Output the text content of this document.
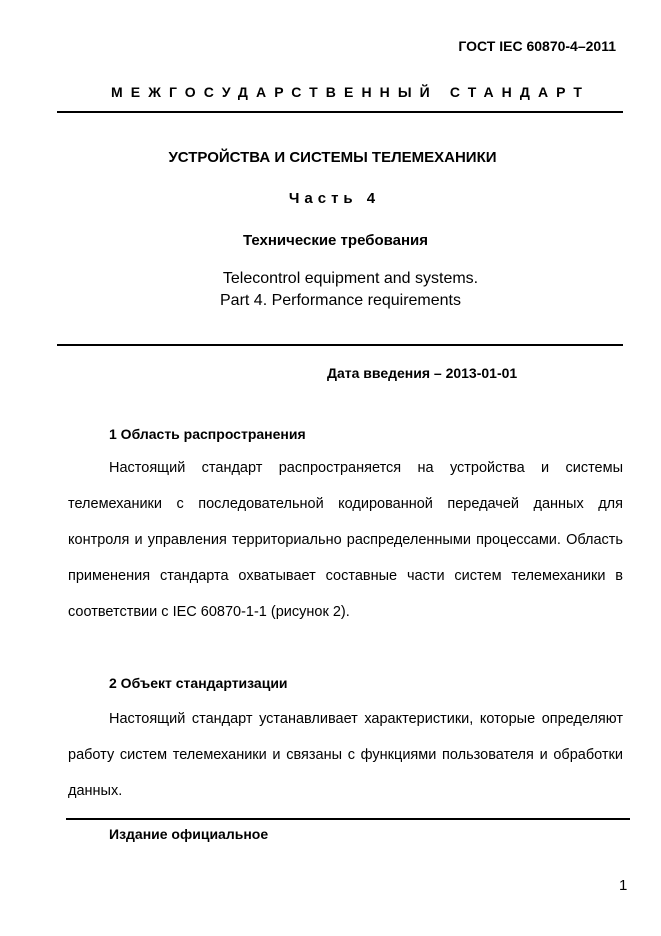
ГОСТ IEC 60870-4–2011
МЕЖГОСУДАРСТВЕННЫЙ СТАНДАРТ
УСТРОЙСТВА И СИСТЕМЫ ТЕЛЕМЕХАНИКИ
Часть 4
Технические требования
Telecontrol equipment and systems.
Part 4. Performance requirements
Дата введения – 2013-01-01
1 Область распространения

Настоящий стандарт распространяется на устройства и системы телемеханики с последовательной кодированной передачей данных для контроля и управления территориально распределенными процессами. Область применения стандарта охватывает составные части систем телемеханики в соответствии с IEC 60870-1-1 (рисунок 2).

2 Объект стандартизации

Настоящий стандарт устанавливает характеристики, которые определяют работу систем телемеханики и связаны с функциями пользователя и обработки данных.

Издание официальное
1
